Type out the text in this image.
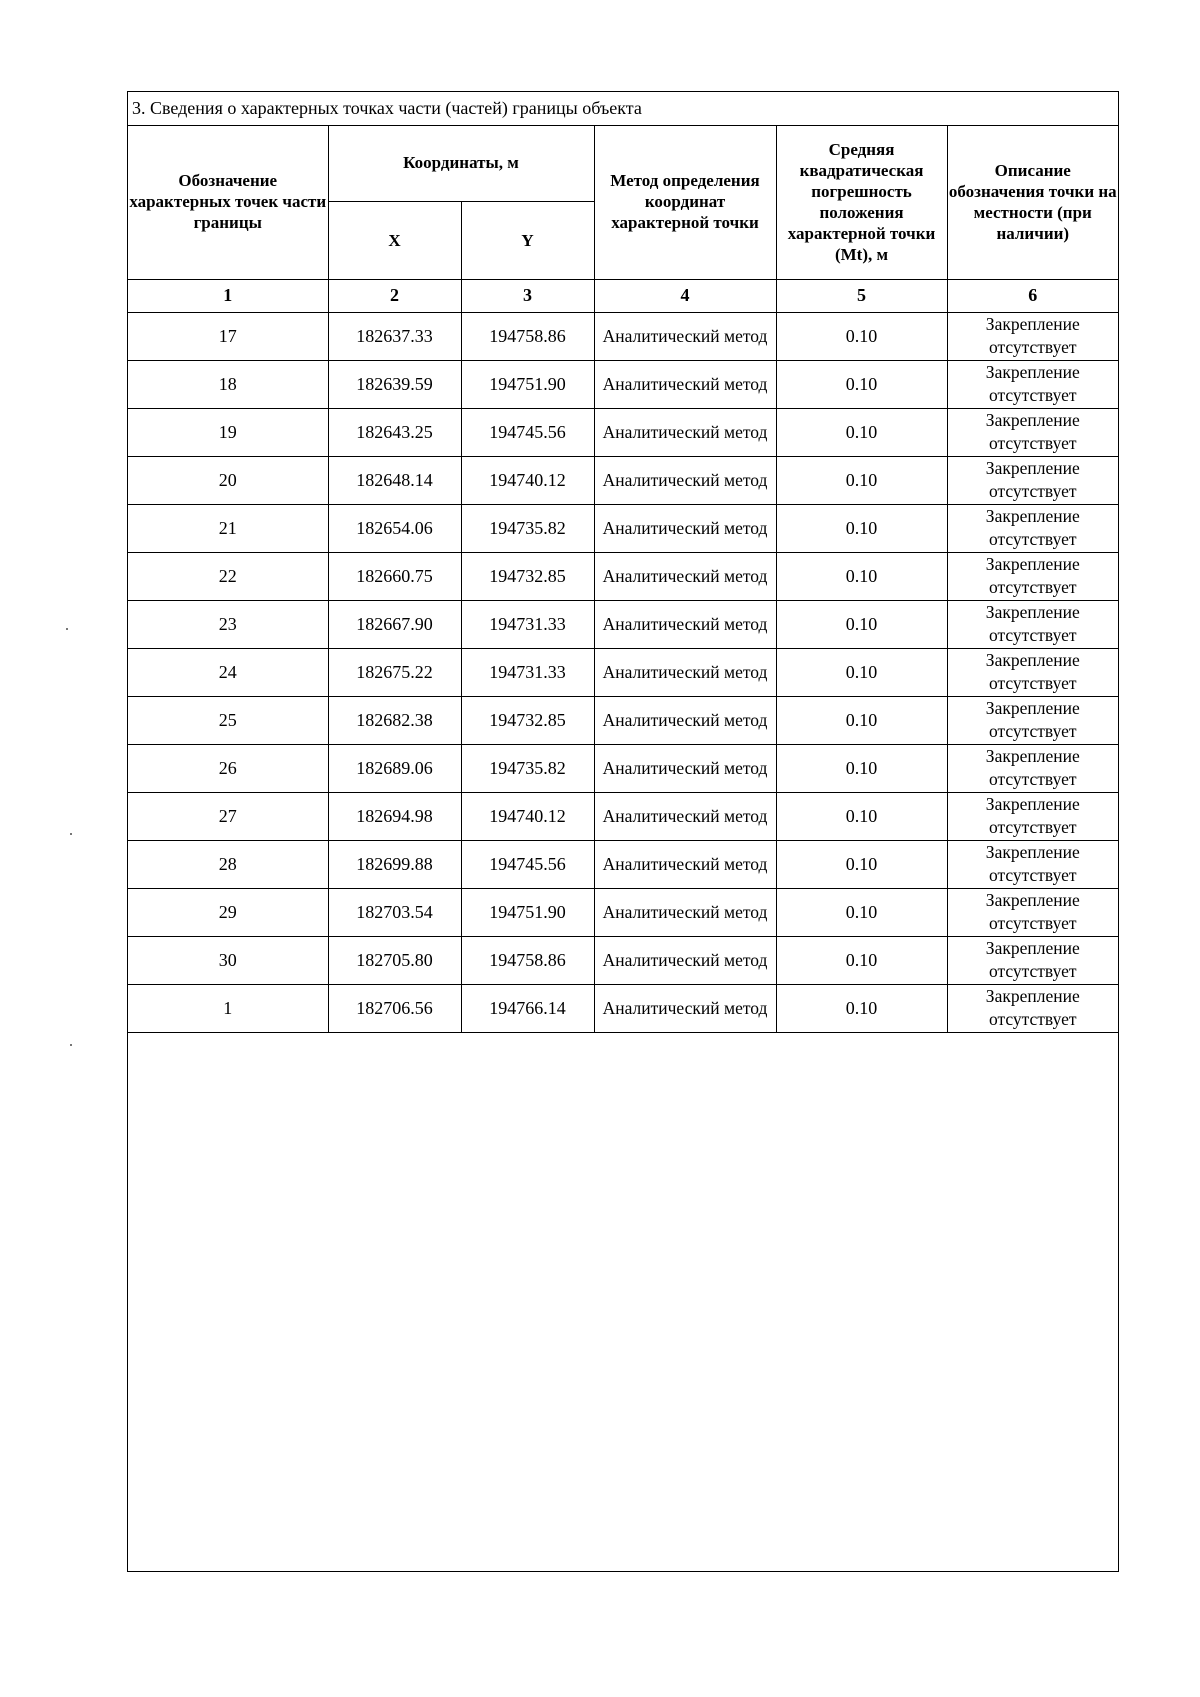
3. Сведения о характерных точках части (частей) границы объекта
Обозначение характерных точек части границы	Координаты, м		Метод определения координат характерной точки	Средняя квадратическая погрешность положения характерной точки (Mt), м	Описание обозначения точки на местности (при наличии)
	X	Y			
1	2	3	4	5	6
17	182637.33	194758.86	Аналитический метод	0.10	Закрепление отсутствует
18	182639.59	194751.90	Аналитический метод	0.10	Закрепление отсутствует
19	182643.25	194745.56	Аналитический метод	0.10	Закрепление отсутствует
20	182648.14	194740.12	Аналитический метод	0.10	Закрепление отсутствует
21	182654.06	194735.82	Аналитический метод	0.10	Закрепление отсутствует
22	182660.75	194732.85	Аналитический метод	0.10	Закрепление отсутствует
23	182667.90	194731.33	Аналитический метод	0.10	Закрепление отсутствует
24	182675.22	194731.33	Аналитический метод	0.10	Закрепление отсутствует
25	182682.38	194732.85	Аналитический метод	0.10	Закрепление отсутствует
26	182689.06	194735.82	Аналитический метод	0.10	Закрепление отсутствует
27	182694.98	194740.12	Аналитический метод	0.10	Закрепление отсутствует
28	182699.88	194745.56	Аналитический метод	0.10	Закрепление отсутствует
29	182703.54	194751.90	Аналитический метод	0.10	Закрепление отсутствует
30	182705.80	194758.86	Аналитический метод	0.10	Закрепление отсутствует
1	182706.56	194766.14	Аналитический метод	0.10	Закрепление отсутствует
